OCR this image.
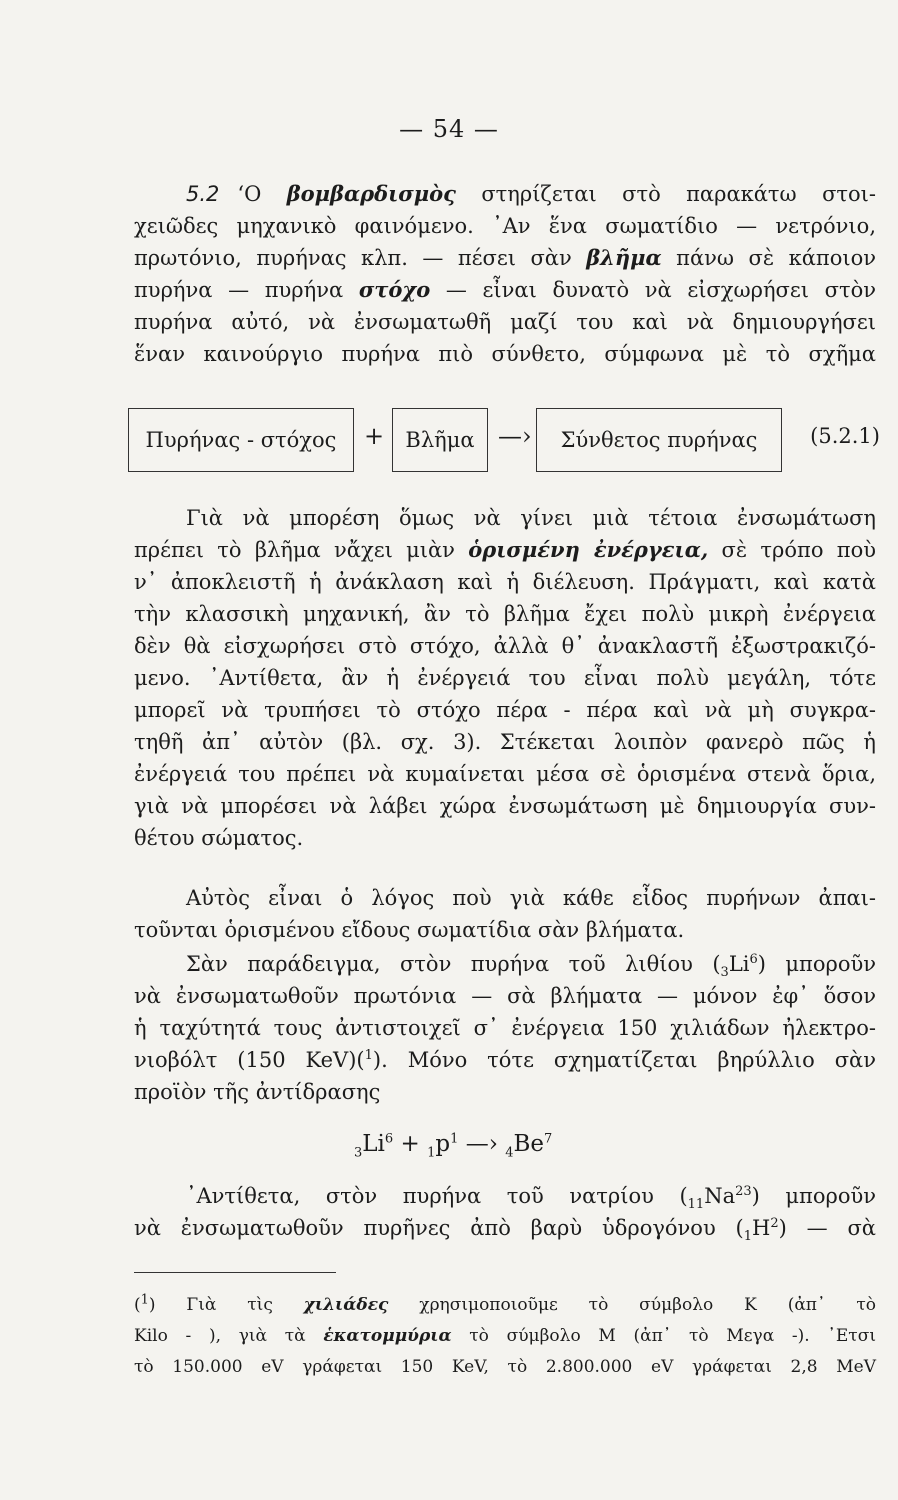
— 54 —
5.2 ‘Ο βομβαρδισμὸς στηρίζεται στὸ παρακάτω στοι-
χειῶδες μηχανικὸ φαινόμενο. ᾿Αν ἕνα σωματίδιο — νετρόνιο,
πρωτόνιο, πυρήνας κλπ. — πέσει σὰν βλῆμα πάνω σὲ κάποιον
πυρήνα — πυρήνα στόχο — εἶναι δυνατὸ νὰ εἰσχωρήσει στὸν
πυρήνα αὐτό, νὰ ἐνσωματωθῆ μαζί του καὶ νὰ δημιουργήσει
ἕναν καινούργιο πυρήνα πιὸ σύνθετο, σύμφωνα μὲ τὸ σχῆμα
Πυρήνας - στόχος	+	Βλῆμα —›	Σύνθετος πυρήνας	(5.2.1)
Γιὰ νὰ μπορέση ὅμως νὰ γίνει μιὰ τέτοια ἐνσωμάτωση
πρέπει τὸ βλῆμα νἄχει μιὰν ὁρισμένη ἐνέργεια, σὲ τρόπο ποὺ
ν᾿ ἀποκλειστῆ ἡ ἀνάκλαση καὶ ἡ διέλευση. Πράγματι, καὶ κατὰ
τὴν κλασσικὴ μηχανική, ἂν τὸ βλῆμα ἔχει πολὺ μικρὴ ἐνέργεια
δὲν θὰ εἰσχωρήσει στὸ στόχο, ἀλλὰ θ᾿ ἀνακλαστῆ ἐξωστρακιζό-
μενο. ᾿Αντίθετα, ἂν ἡ ἐνέργειά του εἶναι πολὺ μεγάλη, τότε
μπορεῖ νὰ τρυπήσει τὸ στόχο πέρα - πέρα καὶ νὰ μὴ συγκρα-
τηθῆ ἀπ᾿ αὐτὸν (βλ. σχ. 3). Στέκεται λοιπὸν φανερὸ πῶς ἡ
ἐνέργειά του πρέπει νὰ κυμαίνεται μέσα σὲ ὁρισμένα στενὰ ὅρια,
γιὰ νὰ μπορέσει νὰ λάβει χώρα ἐνσωμάτωση μὲ δημιουργία συν-
θέτου σώματος.
Αὐτὸς εἶναι ὁ λόγος ποὺ γιὰ κάθε εἶδος πυρήνων ἀπαι-
τοῦνται ὁρισμένου εἴδους σωματίδια σὰν βλήματα.
Σὰν παράδειγμα, στὸν πυρήνα τοῦ λιθίου $(_3Li^6)$ μποροῦν
νὰ ἐνσωματωθοῦν πρωτόνια — σὰ βλήματα — μόνον ἐφ᾿ ὅσον
ἡ ταχύτητά τους ἀντιστοιχεῖ σ᾿ ἐνέργεια 150 χιλιάδων ἠλεκτρο-
νιοβόλτ (150 KeV)($^1$). Μόνο τότε σχηματίζεται βηρύλλιο σὰν
προϊὸν τῆς ἀντίδρασης
$_3Li^6 + _1p^1$ —› $_4Be^7$
᾿Αντίθετα, στὸν πυρήνα τοῦ νατρίου $(_{11}Na^{23})$ μποροῦν
νὰ ἐνσωματωθοῦν πυρῆνες ἀπὸ βαρὺ ὑδρογόνου $(_1H^2)$ — σὰ
($^1$) Γιὰ τὶς χιλιάδες χρησιμοποιοῦμε τὸ σύμβολο K (ἀπ᾿ τὸ
Kilo - ), γιὰ τὰ ἑκατομμύρια τὸ σύμβολο M (ἀπ᾿ τὸ Μεγα -). ᾿Ετσι
τὸ 150.000 eV γράφεται 150 KeV, τὸ 2.800.000 eV γράφεται 2,8 MeV
